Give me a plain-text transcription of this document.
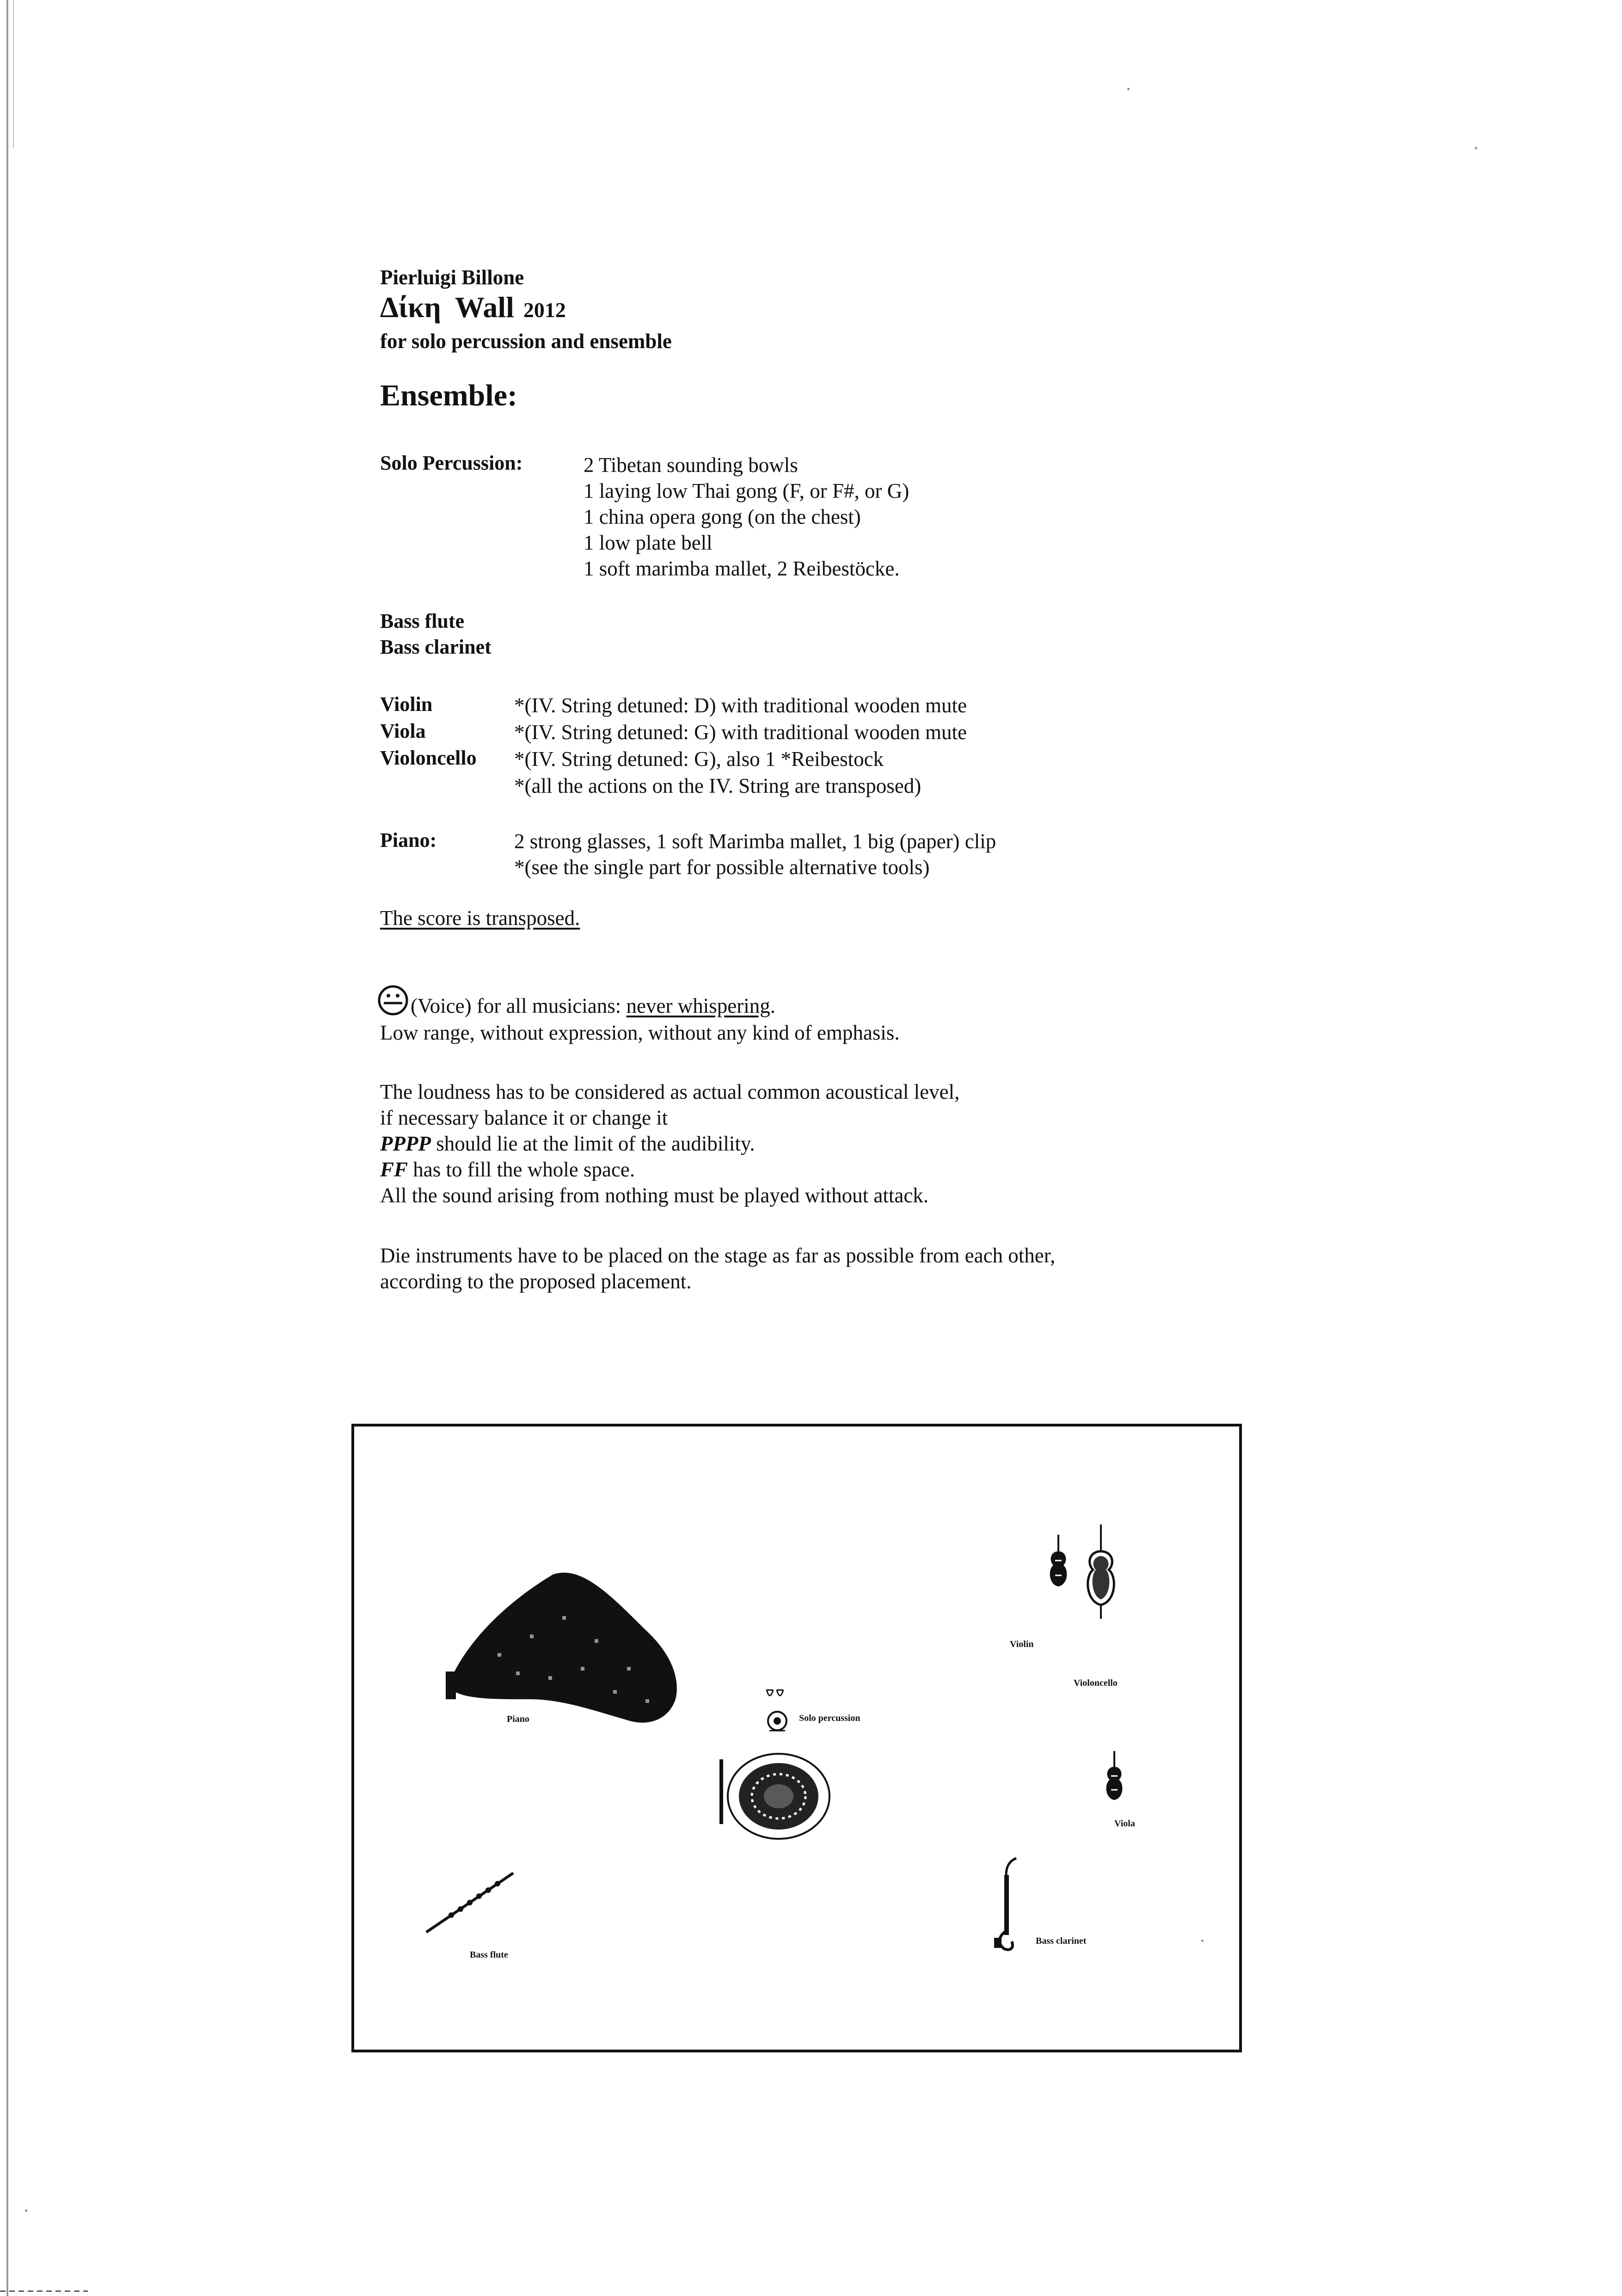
Pierluigi Billone
Δίκη Wall 2012
for solo percussion and ensemble
Ensemble:
Solo Percussion:	2 Tibetan sounding bowls
1 laying low Thai gong (F, or F#, or G)
1 china opera gong (on the chest)
1 low plate bell
1 soft marimba mallet, 2 Reibestöcke.
Bass flute
Bass clarinet
Violin	*(IV. String detuned: D) with traditional wooden mute
Viola	*(IV. String detuned: G) with traditional wooden mute
Violoncello *(IV. String detuned: G), also 1 *Reibestock
*(all the actions on the IV. String are transposed)
Piano:	2 strong glasses, 1 soft Marimba mallet, 1 big (paper) clip
*(see the single part for possible alternative tools)
The score is transposed.
(Voice) for all musicians: never whispering.
Low range, without expression, without any kind of emphasis.
The loudness has to be considered as actual common acoustical level,
if necessary balance it or change it
PPPP should lie at the limit of the audibility.
FF has to fill the whole space.
All the sound arising from nothing must be played without attack.
Die instruments have to be placed on the stage as far as possible from each other,
according to the proposed placement.
Piano	Solo percussion
Violin
Violoncello
Viola
Bass flute
Bass clarinet
